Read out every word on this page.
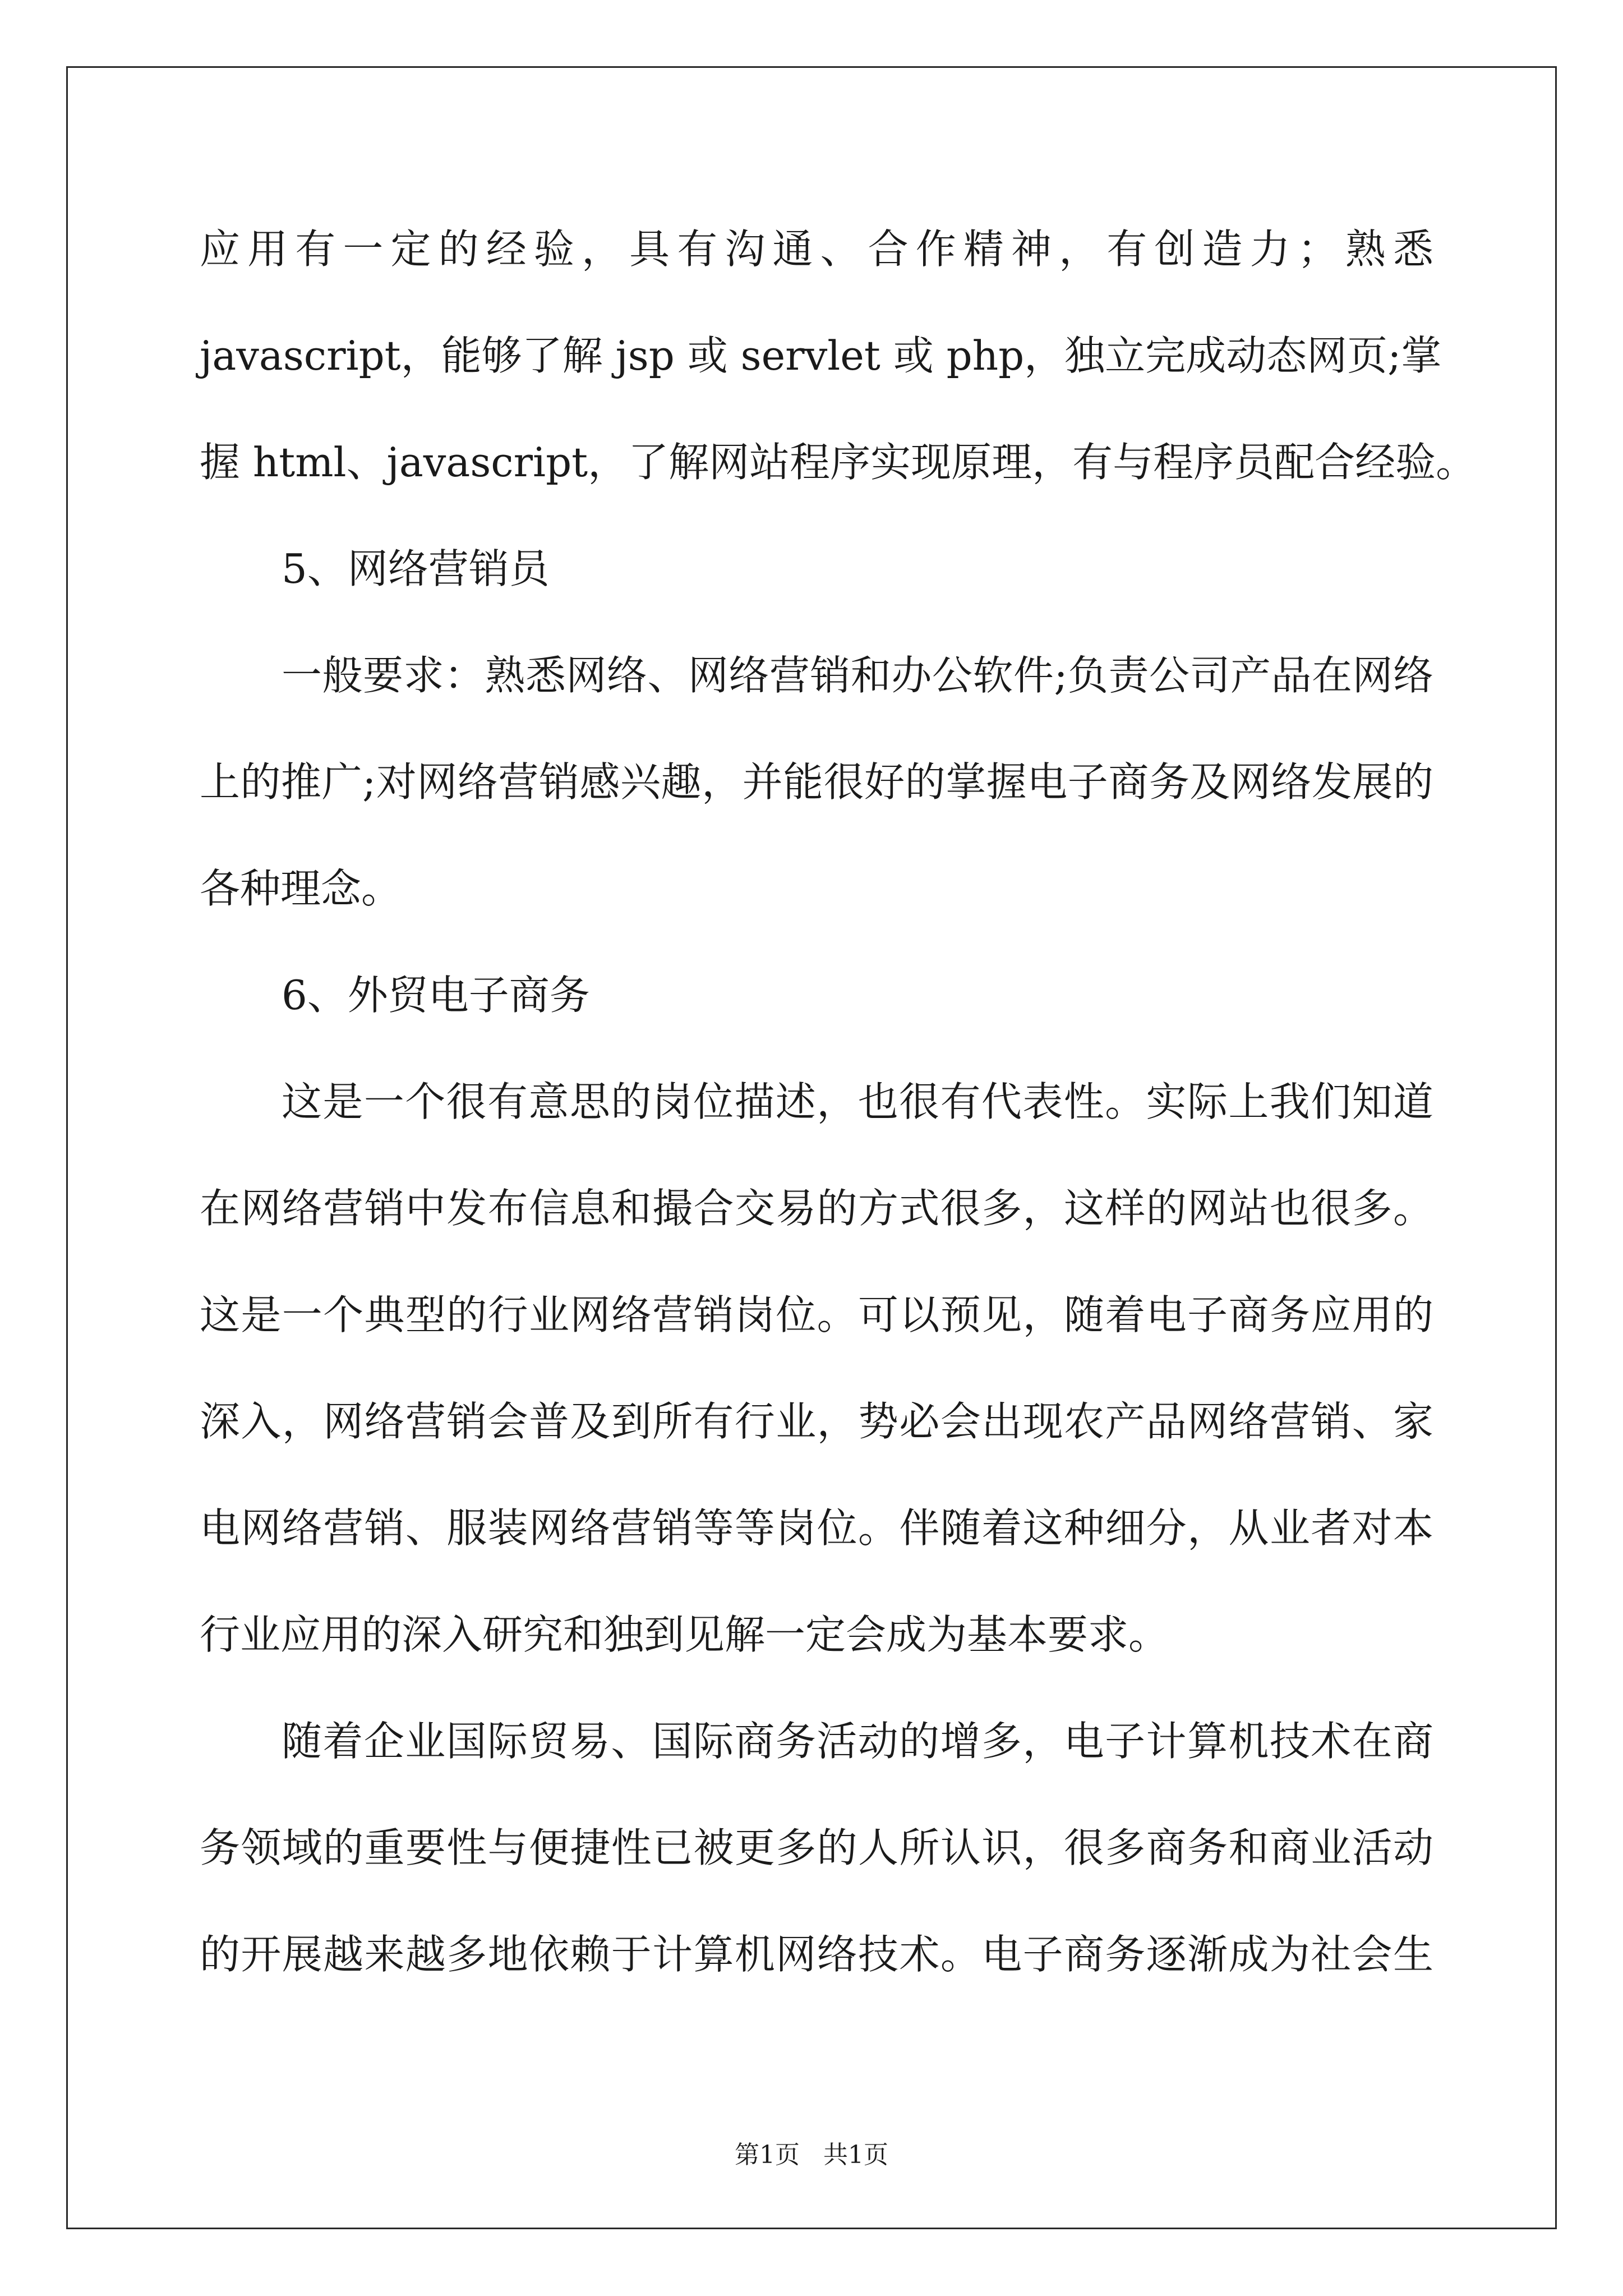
应用有一定的经验，具有沟通、合作精神，有创造力；熟悉
javascript，能够了解 jsp 或 servlet 或 php，独立完成动态网页;掌
握 html、javascript，了解网站程序实现原理，有与程序员配合经验。
5、网络营销员
一般要求：熟悉网络、网络营销和办公软件;负责公司产品在网络
上的推广;对网络营销感兴趣，并能很好的掌握电子商务及网络发展的
各种理念。
6、外贸电子商务
这是一个很有意思的岗位描述，也很有代表性。实际上我们知道
在网络营销中发布信息和撮合交易的方式很多，这样的网站也很多。
这是一个典型的行业网络营销岗位。可以预见，随着电子商务应用的
深入，网络营销会普及到所有行业，势必会出现农产品网络营销、家
电网络营销、服装网络营销等等岗位。伴随着这种细分，从业者对本
行业应用的深入研究和独到见解一定会成为基本要求。
随着企业国际贸易、国际商务活动的增多，电子计算机技术在商
务领域的重要性与便捷性已被更多的人所认识，很多商务和商业活动
的开展越来越多地依赖于计算机网络技术。电子商务逐渐成为社会生
第1页 共1页
